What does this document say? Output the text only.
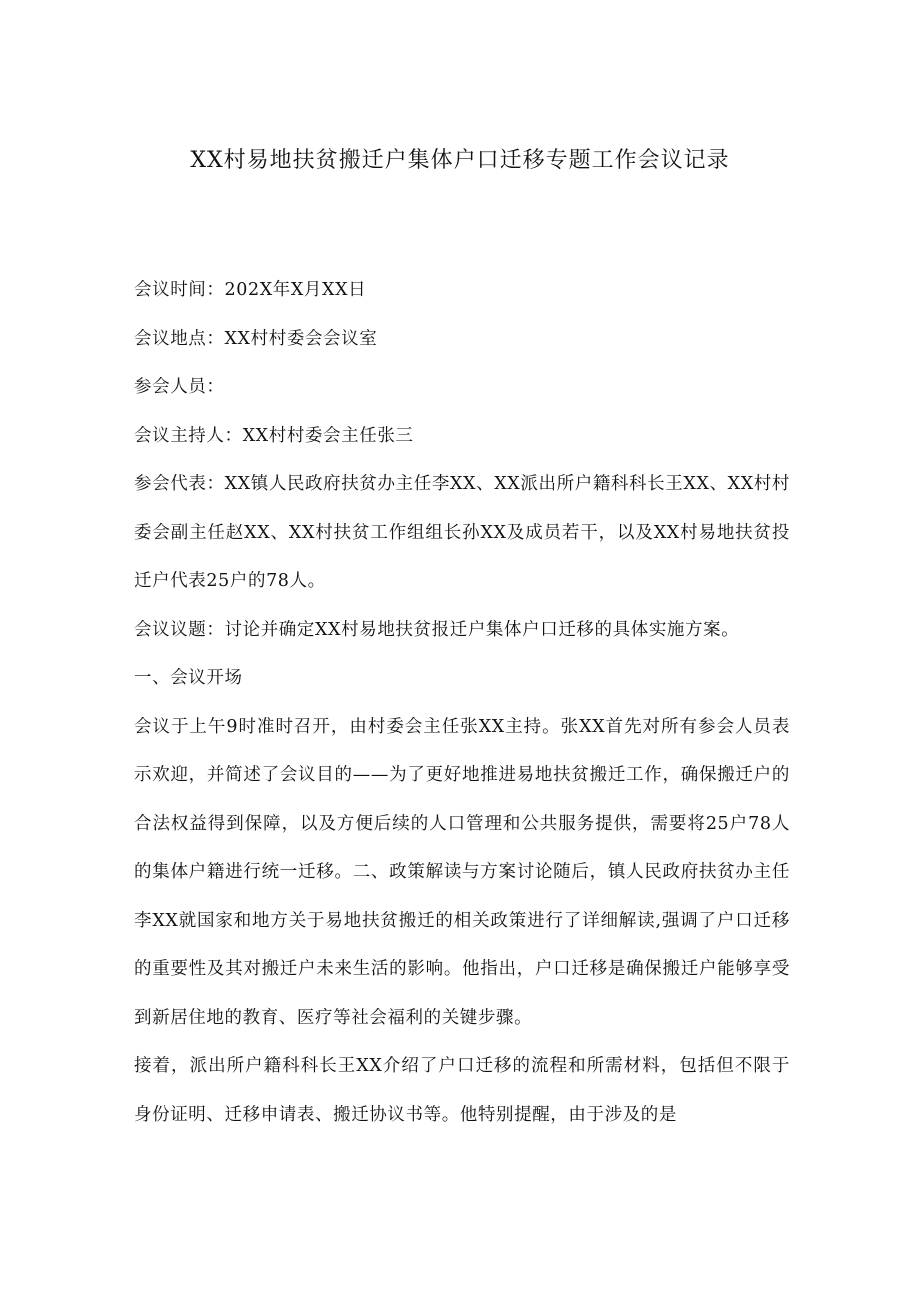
XX村易地扶贫搬迁户集体户口迁移专题工作会议记录

会议时间：202X年X月XX日

会议地点：XX村村委会会议室

参会人员：

会议主持人：XX村村委会主任张三

参会代表：XX镇人民政府扶贫办主任李XX、XX派出所户籍科科长王XX、XX村村委会副主任赵XX、XX村扶贫工作组组长孙XX及成员若干，以及XX村易地扶贫投迁户代表25户的78人。

会议议题：讨论并确定XX村易地扶贫报迁户集体户口迁移的具体实施方案。

一、会议开场

会议于上午9时准时召开，由村委会主任张XX主持。张XX首先对所有参会人员表示欢迎，并简述了会议目的——为了更好地推进易地扶贫搬迁工作，确保搬迁户的合法权益得到保障，以及方便后续的人口管理和公共服务提供，需要将25户78人的集体户籍进行统一迁移。二、政策解读与方案讨论随后，镇人民政府扶贫办主任李XX就国家和地方关于易地扶贫搬迁的相关政策进行了详细解读,强调了户口迁移的重要性及其对搬迁户未来生活的影响。他指出，户口迁移是确保搬迁户能够享受到新居住地的教育、医疗等社会福利的关键步骤。

接着，派出所户籍科科长王XX介绍了户口迁移的流程和所需材料，包括但不限于身份证明、迁移申请表、搬迁协议书等。他特别提醒，由于涉及的是
